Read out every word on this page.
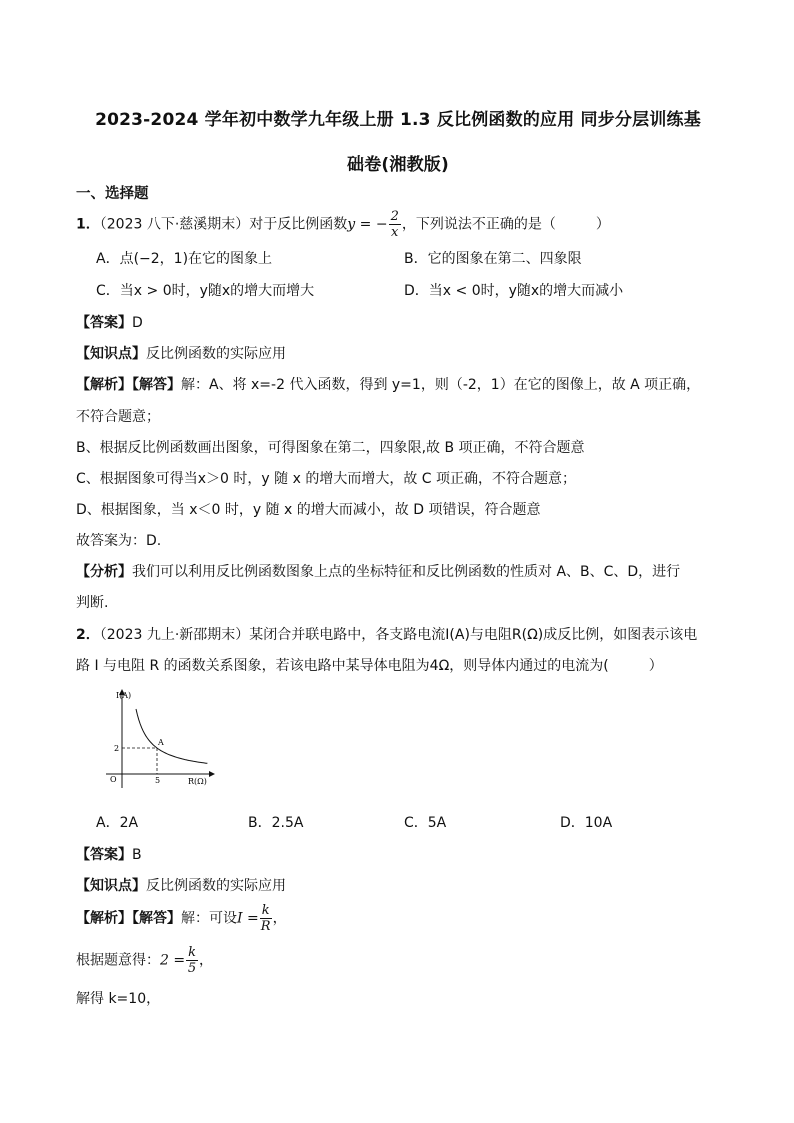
2023-2024 学年初中数学九年级上册 1.3 反比例函数的应用 同步分层训练基
础卷(湘教版)
一、选择题
1．（2023 八下·慈溪期末）对于反比例函数y = − $\frac{2}{x}$ ，下列说法不正确的是（	）
A．点(−2，1)在它的图象上	B．它的图象在第二、四象限
C．当x > 0时，y随x的增大而增大	D．当x < 0时，y随x的增大而减小
【答案】D
【知识点】反比例函数的实际应用
【解析】【解答】解：A、将 x=-2 代入函数，得到 y=1，则（-2，1）在它的图像上，故 A 项正确，
不符合题意；
B、根据反比例函数画出图象，可得图象在第二，四象限,故 B 项正确，不符合题意
C、根据图象可得当x＞0 时，y 随 x 的增大而增大，故 C 项正确，不符合题意；
D、根据图象，当 x＜0 时，y 随 x 的增大而减小，故 D 项错误，符合题意
故答案为：D.
【分析】我们可以利用反比例函数图象上点的坐标特征和反比例函数的性质对 A、B、C、D，进行
判断.
2．（2023 九上·新邵期末）某闭合并联电路中，各支路电流I(A)与电阻R(Ω)成反比例，如图表示该电
路 I 与电阻 R 的函数关系图象，若该电路中某导体电阻为4Ω，则导体内通过的电流为(	）
I(A)
R(Ω)
O
A
5
2
A．2A	B．2.5A	C．5A	D．10A
【答案】B
【知识点】反比例函数的实际应用
【解析】【解答】解：可设$I = \frac{k}{R}$ ，
根据题意得：$2 = \frac{k}{5}$ ，
解得 k=10，
